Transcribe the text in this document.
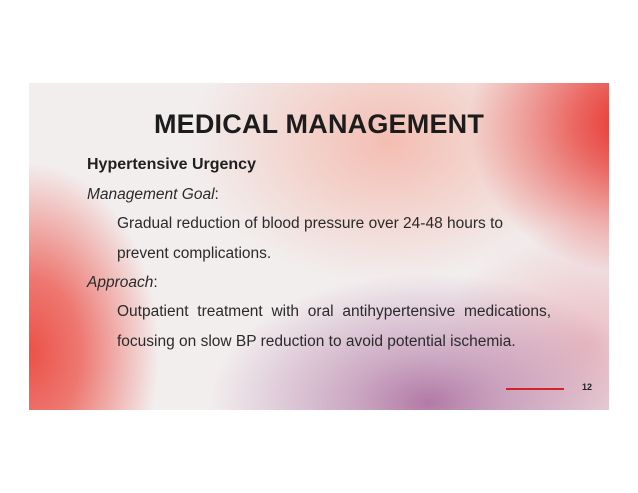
MEDICAL MANAGEMENT

Hypertensive Urgency

Management Goal:

Gradual reduction of blood pressure over 24-48 hours to prevent complications.

Approach:

Outpatient treatment with oral antihypertensive medications, focusing on slow BP reduction to avoid potential ischemia.

12
